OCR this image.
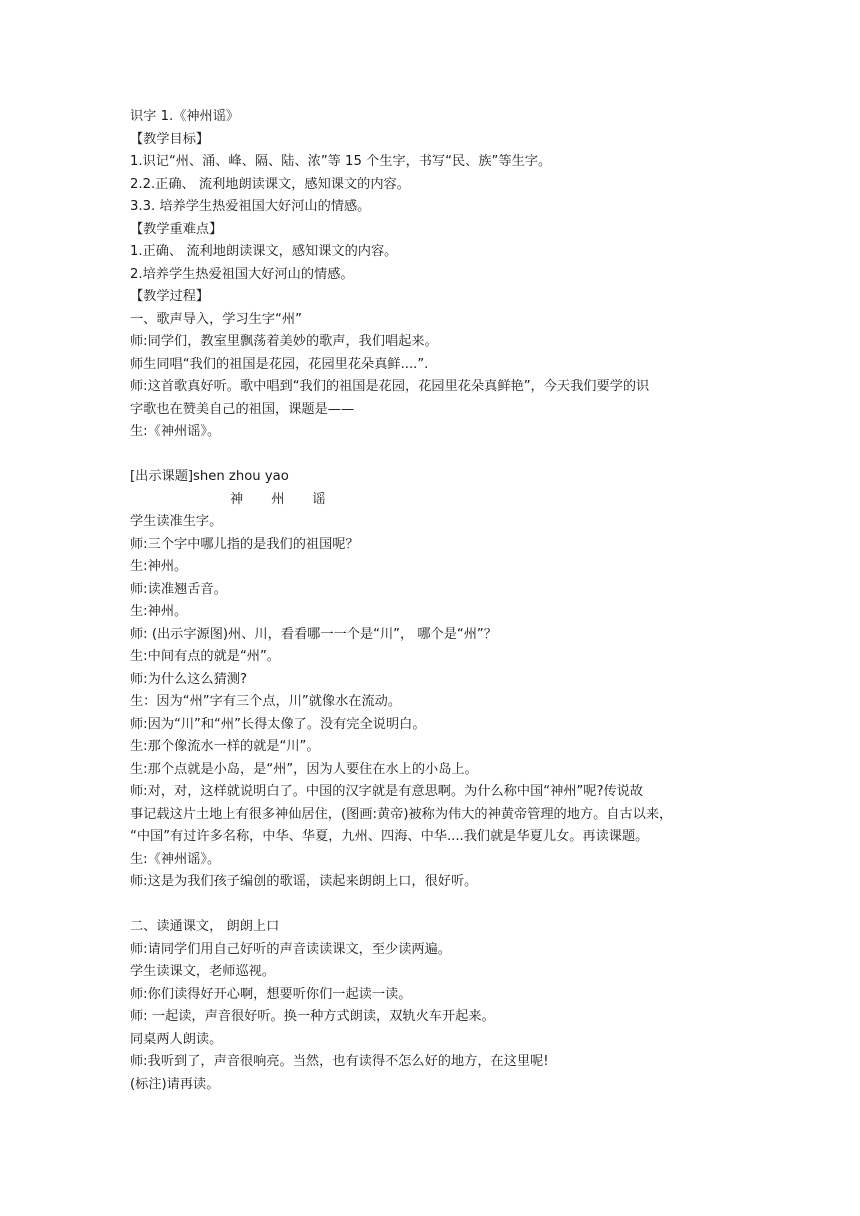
识字 1.《神州谣》
【教学目标】
1.识记“州、涌、峰、隔、陆、浓”等 15 个生字，书写“民、族”等生字。
2.2.正确、 流利地朗读课文，感知课文的内容。
3.3. 培养学生热爱祖国大好河山的情感。
【教学重难点】
1.正确、 流利地朗读课文，感知课文的内容。
2.培养学生热爱祖国大好河山的情感。
【教学过程】
一、歌声导入，学习生字“州”
师:同学们，教室里飘荡着美妙的歌声，我们唱起来。
师生同唱“我们的祖国是花园，花园里花朵真鲜....”.
师:这首歌真好听。歌中唱到“我们的祖国是花园，花园里花朵真鲜艳”，今天我们要学的识
字歌也在赞美自己的祖国，课题是——
生:《神州谣》。
[出示课题]shen zhou yao
神 州 谣
学生读准生字。
师:三个字中哪儿指的是我们的祖国呢？
生:神州。
师:读准翘舌音。
生:神州。
师: (出示字源图)州、川，看看哪一一个是“川”， 哪个是“州”？
生:中间有点的就是“州”。
师:为什么这么猜测?
生：因为“州”字有三个点，川”就像水在流动。
师:因为“川”和“州”长得太像了。没有完全说明白。
生:那个像流水一样的就是“川”。
生:那个点就是小岛，是“州”，因为人要住在水上的小岛上。
师:对，对，这样就说明白了。中国的汉字就是有意思啊。为什么称中国“神州”呢?传说故
事记载这片土地上有很多神仙居住，(图画:黄帝)被称为伟大的神黄帝管理的地方。自古以来，
“中国”有过许多名称，中华、华夏，九州、四海、中华....我们就是华夏儿女。再读课题。
生:《神州谣》。
师:这是为我们孩子编创的歌谣，读起来朗朗上口，很好听。
二、读通课文， 朗朗上口
师:请同学们用自己好听的声音读读课文，至少读两遍。
学生读课文，老师巡视。
师:你们读得好开心啊，想要听你们一起读一读。
师: 一起读，声音很好听。换一种方式朗读，双轨火车开起来。
同桌两人朗读。
师:我听到了，声音很响亮。当然，也有读得不怎么好的地方，在这里呢!
(标注)请再读。
